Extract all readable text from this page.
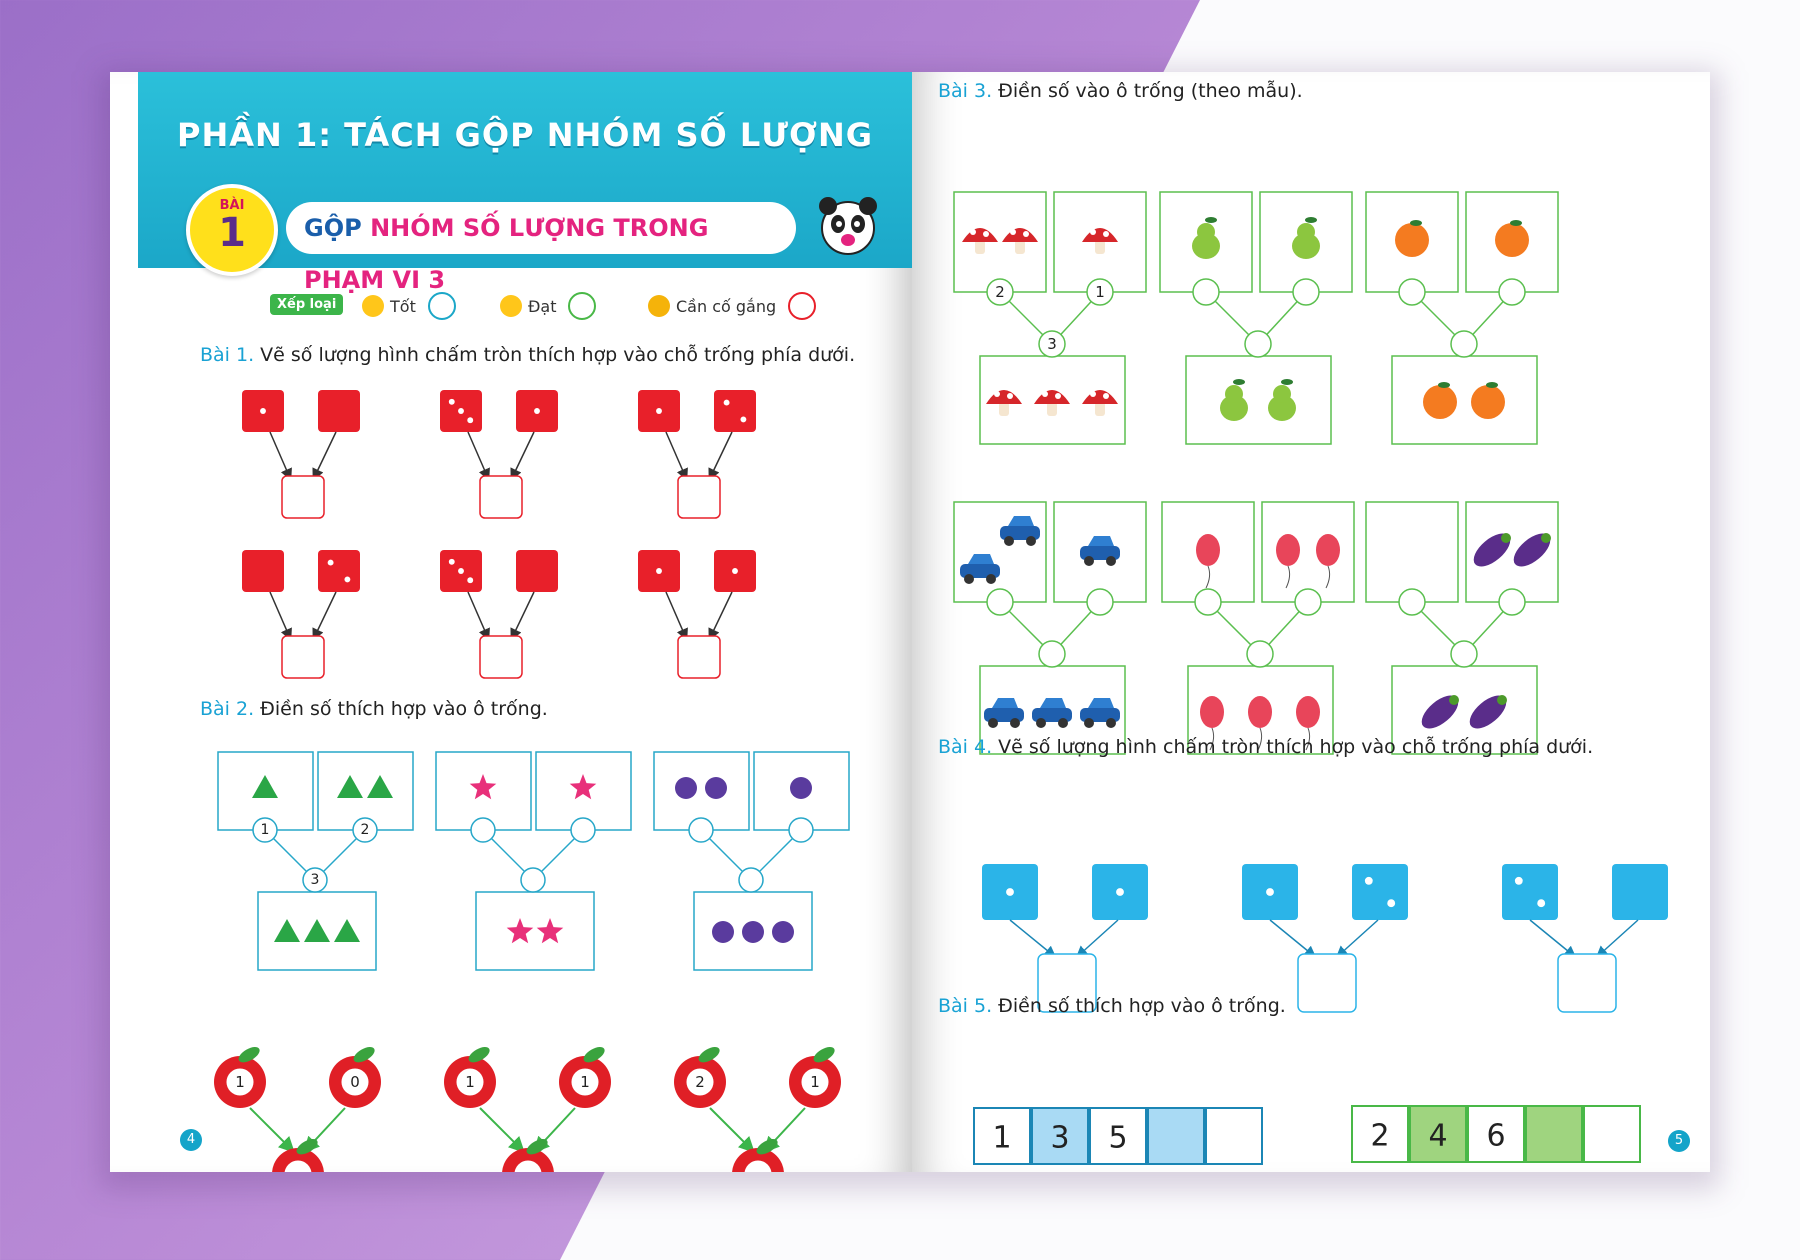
PHẦN 1: TÁCH GỘP NHÓM SỐ LƯỢNG
BÀI
1	GỘP NHÓM SỐ LƯỢNG TRONG PHẠM VI 3
Xếp loại	Tốt	Đạt	Cần cố gắng
Bài 1. Vẽ số lượng hình chấm tròn thích hợp vào chỗ trống phía dưới.
1	2
3
1	0	1	1	2	1
Bài 2. Điền số thích hợp vào ô trống.
4
Bài 3. Điền số vào ô trống (theo mẫu).
2	1
3
1 3 5	2 4 6
Bài 4. Vẽ số lượng hình chấm tròn thích hợp vào chỗ trống phía dưới.
Bài 5. Điền số thích hợp vào ô trống.
5
